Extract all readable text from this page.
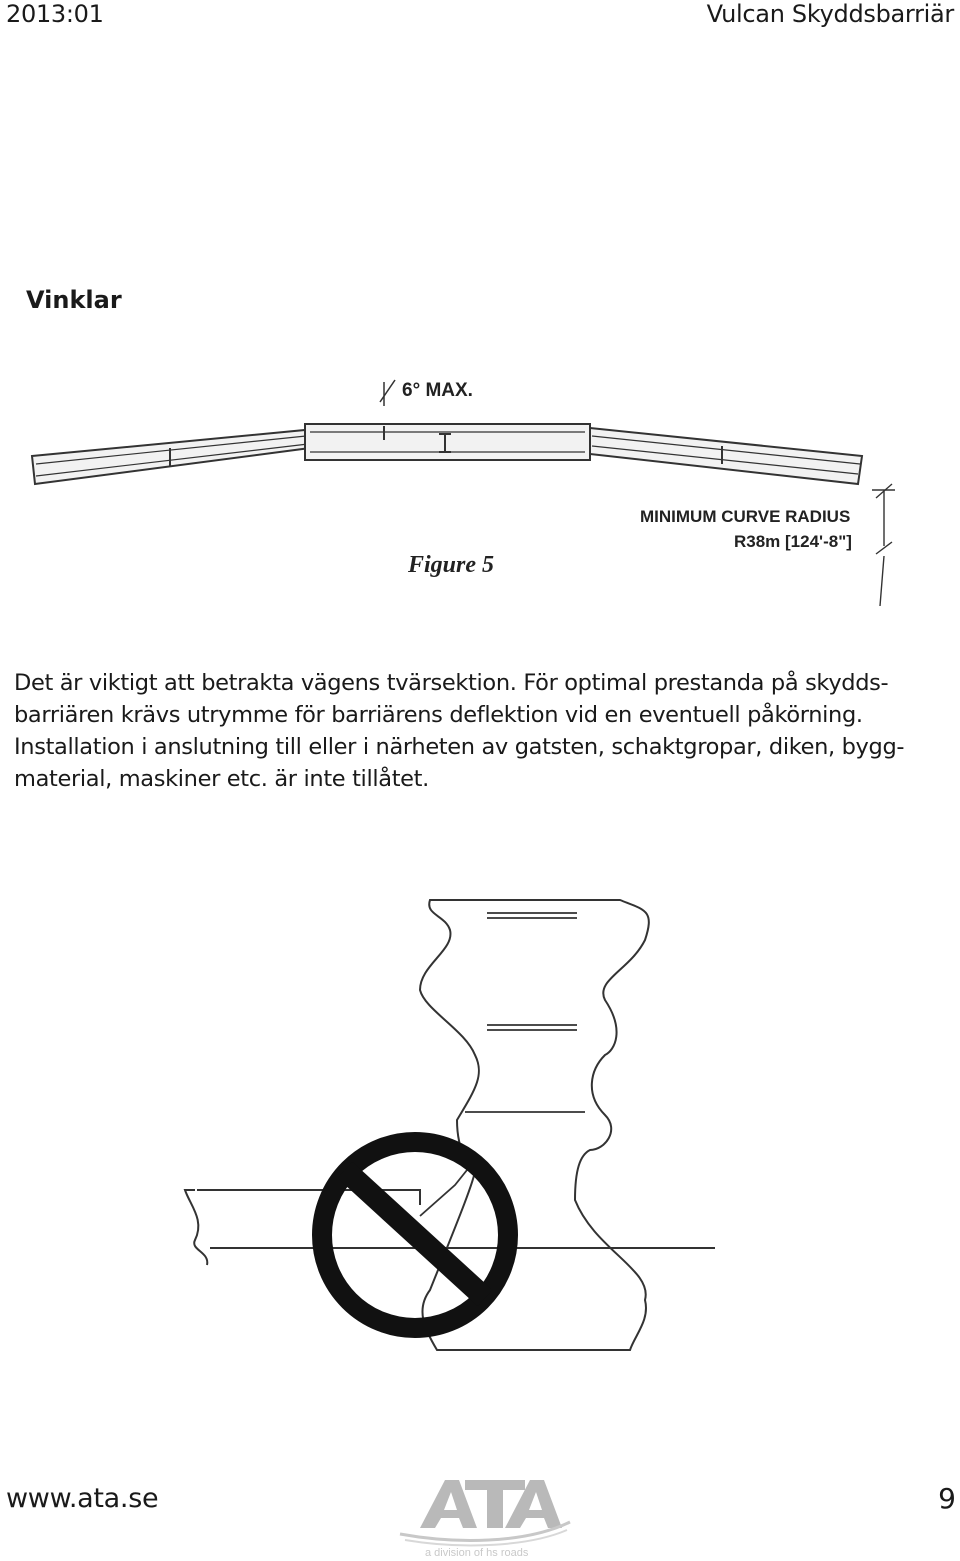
2013:01	Vulcan Skyddsbarriär
Vinklar
6° MAX.
MINIMUM CURVE RADIUS
R38m [124'-8"]
Figure 5

Det är viktigt att betrakta vägens tvärsektion. För optimal prestanda på skydds-
barriären krävs utrymme för barriärens deflektion vid en eventuell påkörning.
Installation i anslutning till eller i närheten av gatsten, schaktgropar, diken, bygg-
material, maskiner etc. är inte tillåtet.

www.ata.se
a division of hs roads
9
